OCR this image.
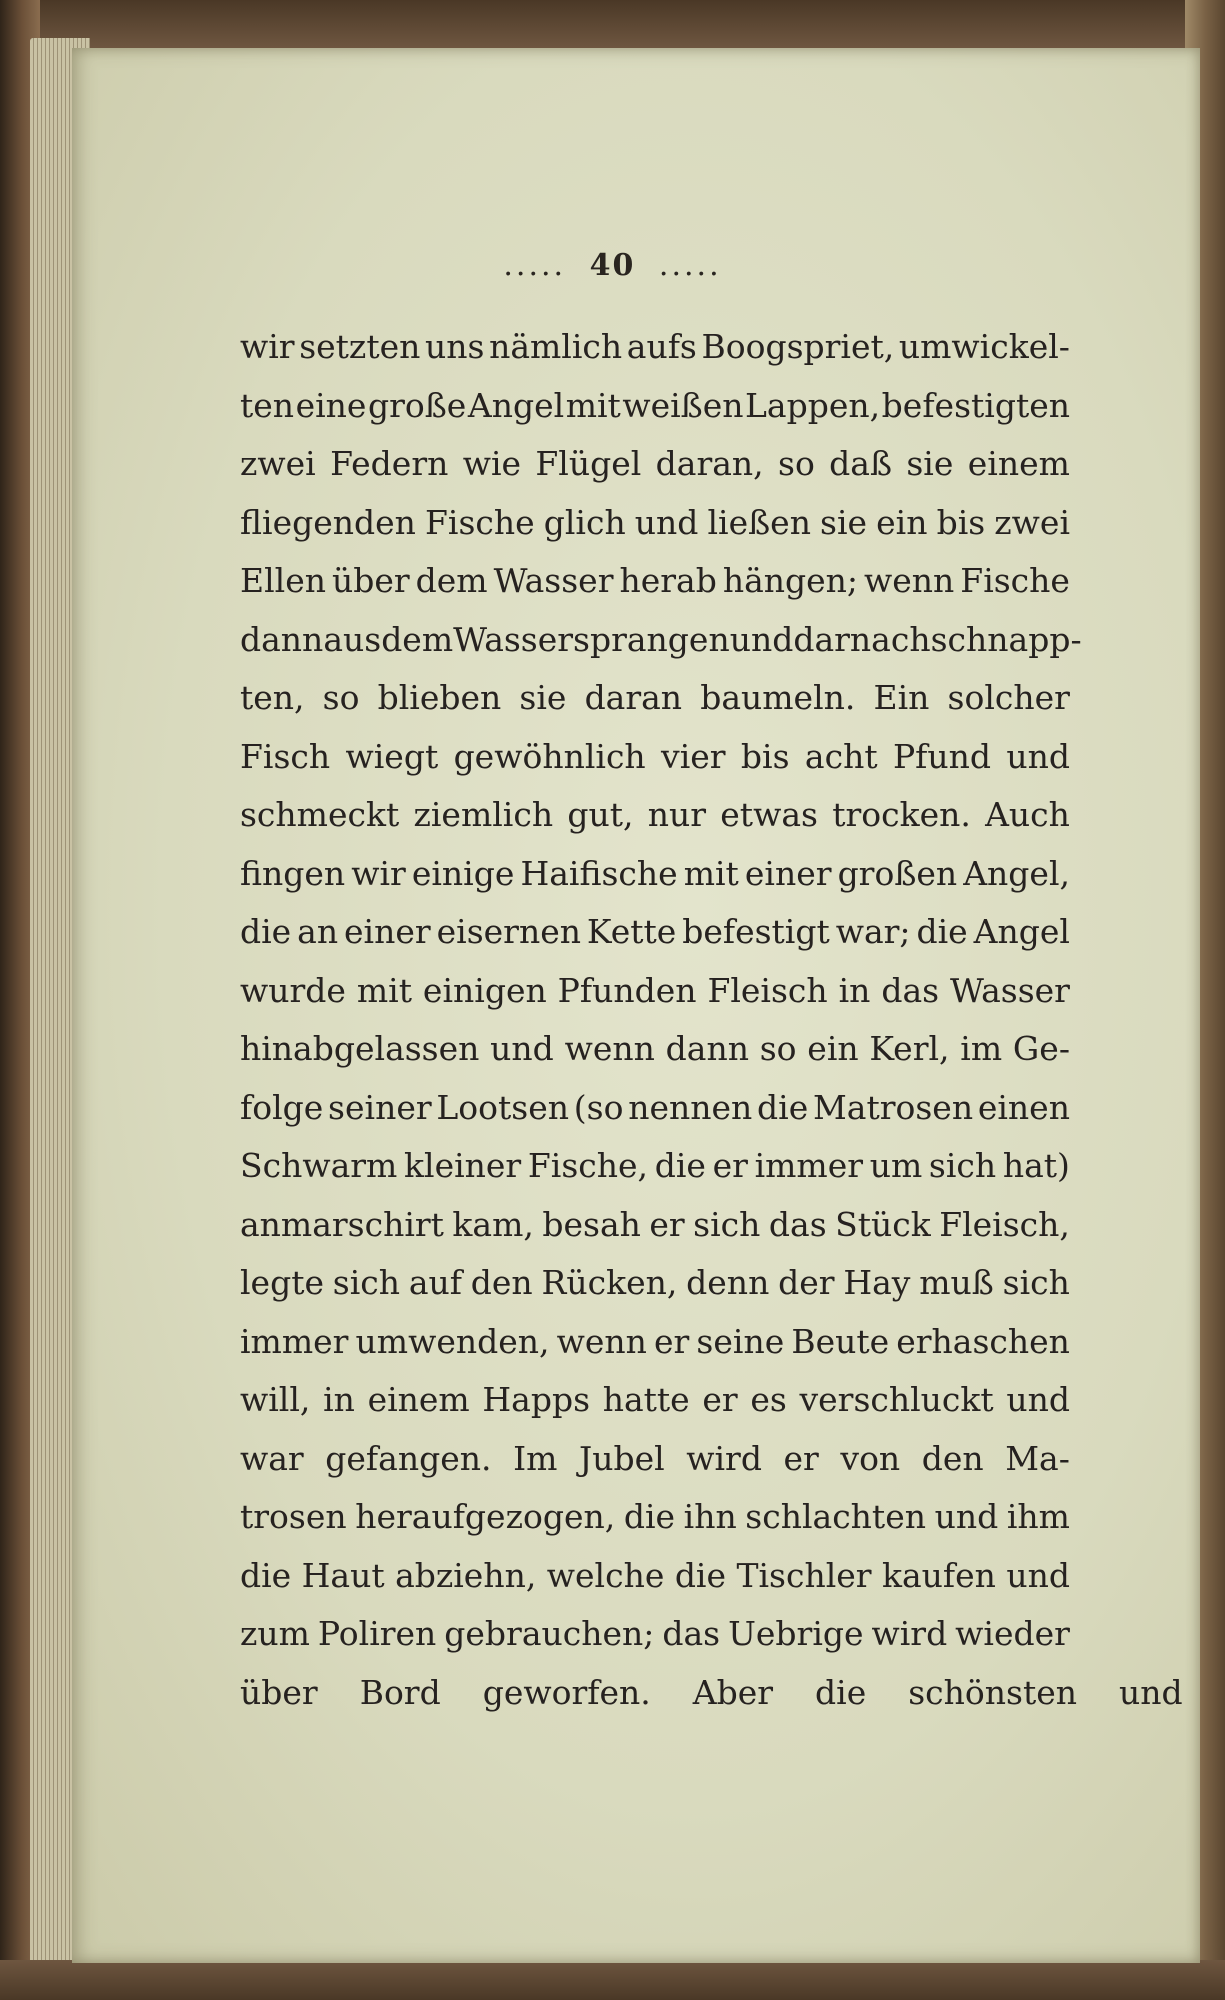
..... 40 .....
wir setzten uns nämlich aufs Boogspriet, umwickel-
ten eine große Angel mit weißen Lappen, befestigten
zwei Federn wie Flügel daran, so daß sie einem
fliegenden Fische glich und ließen sie ein bis zwei
Ellen über dem Wasser herab hängen; wenn Fische
dann aus dem Wasser sprangen und darnach schnapp-
ten, so blieben sie daran baumeln. Ein solcher
Fisch wiegt gewöhnlich vier bis acht Pfund und
schmeckt ziemlich gut, nur etwas trocken. Auch
fingen wir einige Haifische mit einer großen Angel,
die an einer eisernen Kette befestigt war; die Angel
wurde mit einigen Pfunden Fleisch in das Wasser
hinabgelassen und wenn dann so ein Kerl, im Ge-
folge seiner Lootsen (so nennen die Matrosen einen
Schwarm kleiner Fische, die er immer um sich hat)
anmarschirt kam, besah er sich das Stück Fleisch,
legte sich auf den Rücken, denn der Hay muß sich
immer umwenden, wenn er seine Beute erhaschen
will, in einem Happs hatte er es verschluckt und
war gefangen. Im Jubel wird er von den Ma-
trosen heraufgezogen, die ihn schlachten und ihm
die Haut abziehn, welche die Tischler kaufen und
zum Poliren gebrauchen; das Uebrige wird wieder
über Bord geworfen. Aber die schönsten und
